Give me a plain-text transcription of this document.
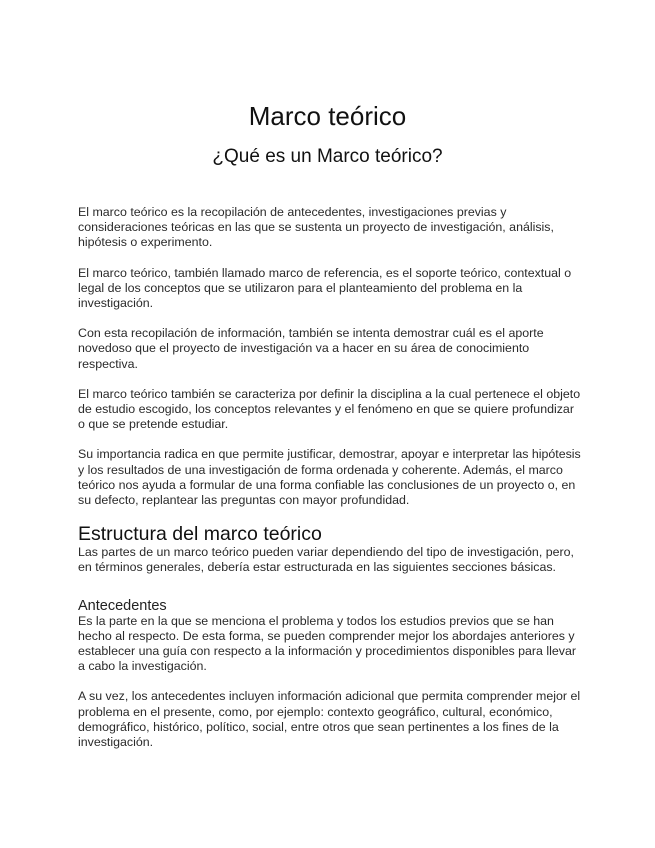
Marco teórico
¿Qué es un Marco teórico?

El marco teórico es la recopilación de antecedentes, investigaciones previas y consideraciones teóricas en las que se sustenta un proyecto de investigación, análisis, hipótesis o experimento.

El marco teórico, también llamado marco de referencia, es el soporte teórico, contextual o legal de los conceptos que se utilizaron para el planteamiento del problema en la investigación.

Con esta recopilación de información, también se intenta demostrar cuál es el aporte novedoso que el proyecto de investigación va a hacer en su área de conocimiento respectiva.

El marco teórico también se caracteriza por definir la disciplina a la cual pertenece el objeto de estudio escogido, los conceptos relevantes y el fenómeno en que se quiere profundizar o que se pretende estudiar.

Su importancia radica en que permite justificar, demostrar, apoyar e interpretar las hipótesis y los resultados de una investigación de forma ordenada y coherente. Además, el marco teórico nos ayuda a formular de una forma confiable las conclusiones de un proyecto o, en su defecto, replantear las preguntas con mayor profundidad.

Estructura del marco teórico

Las partes de un marco teórico pueden variar dependiendo del tipo de investigación, pero, en términos generales, debería estar estructurada en las siguientes secciones básicas.

Antecedentes

Es la parte en la que se menciona el problema y todos los estudios previos que se han hecho al respecto. De esta forma, se pueden comprender mejor los abordajes anteriores y establecer una guía con respecto a la información y procedimientos disponibles para llevar a cabo la investigación.

A su vez, los antecedentes incluyen información adicional que permita comprender mejor el problema en el presente, como, por ejemplo: contexto geográfico, cultural, económico, demográfico, histórico, político, social, entre otros que sean pertinentes a los fines de la investigación.
